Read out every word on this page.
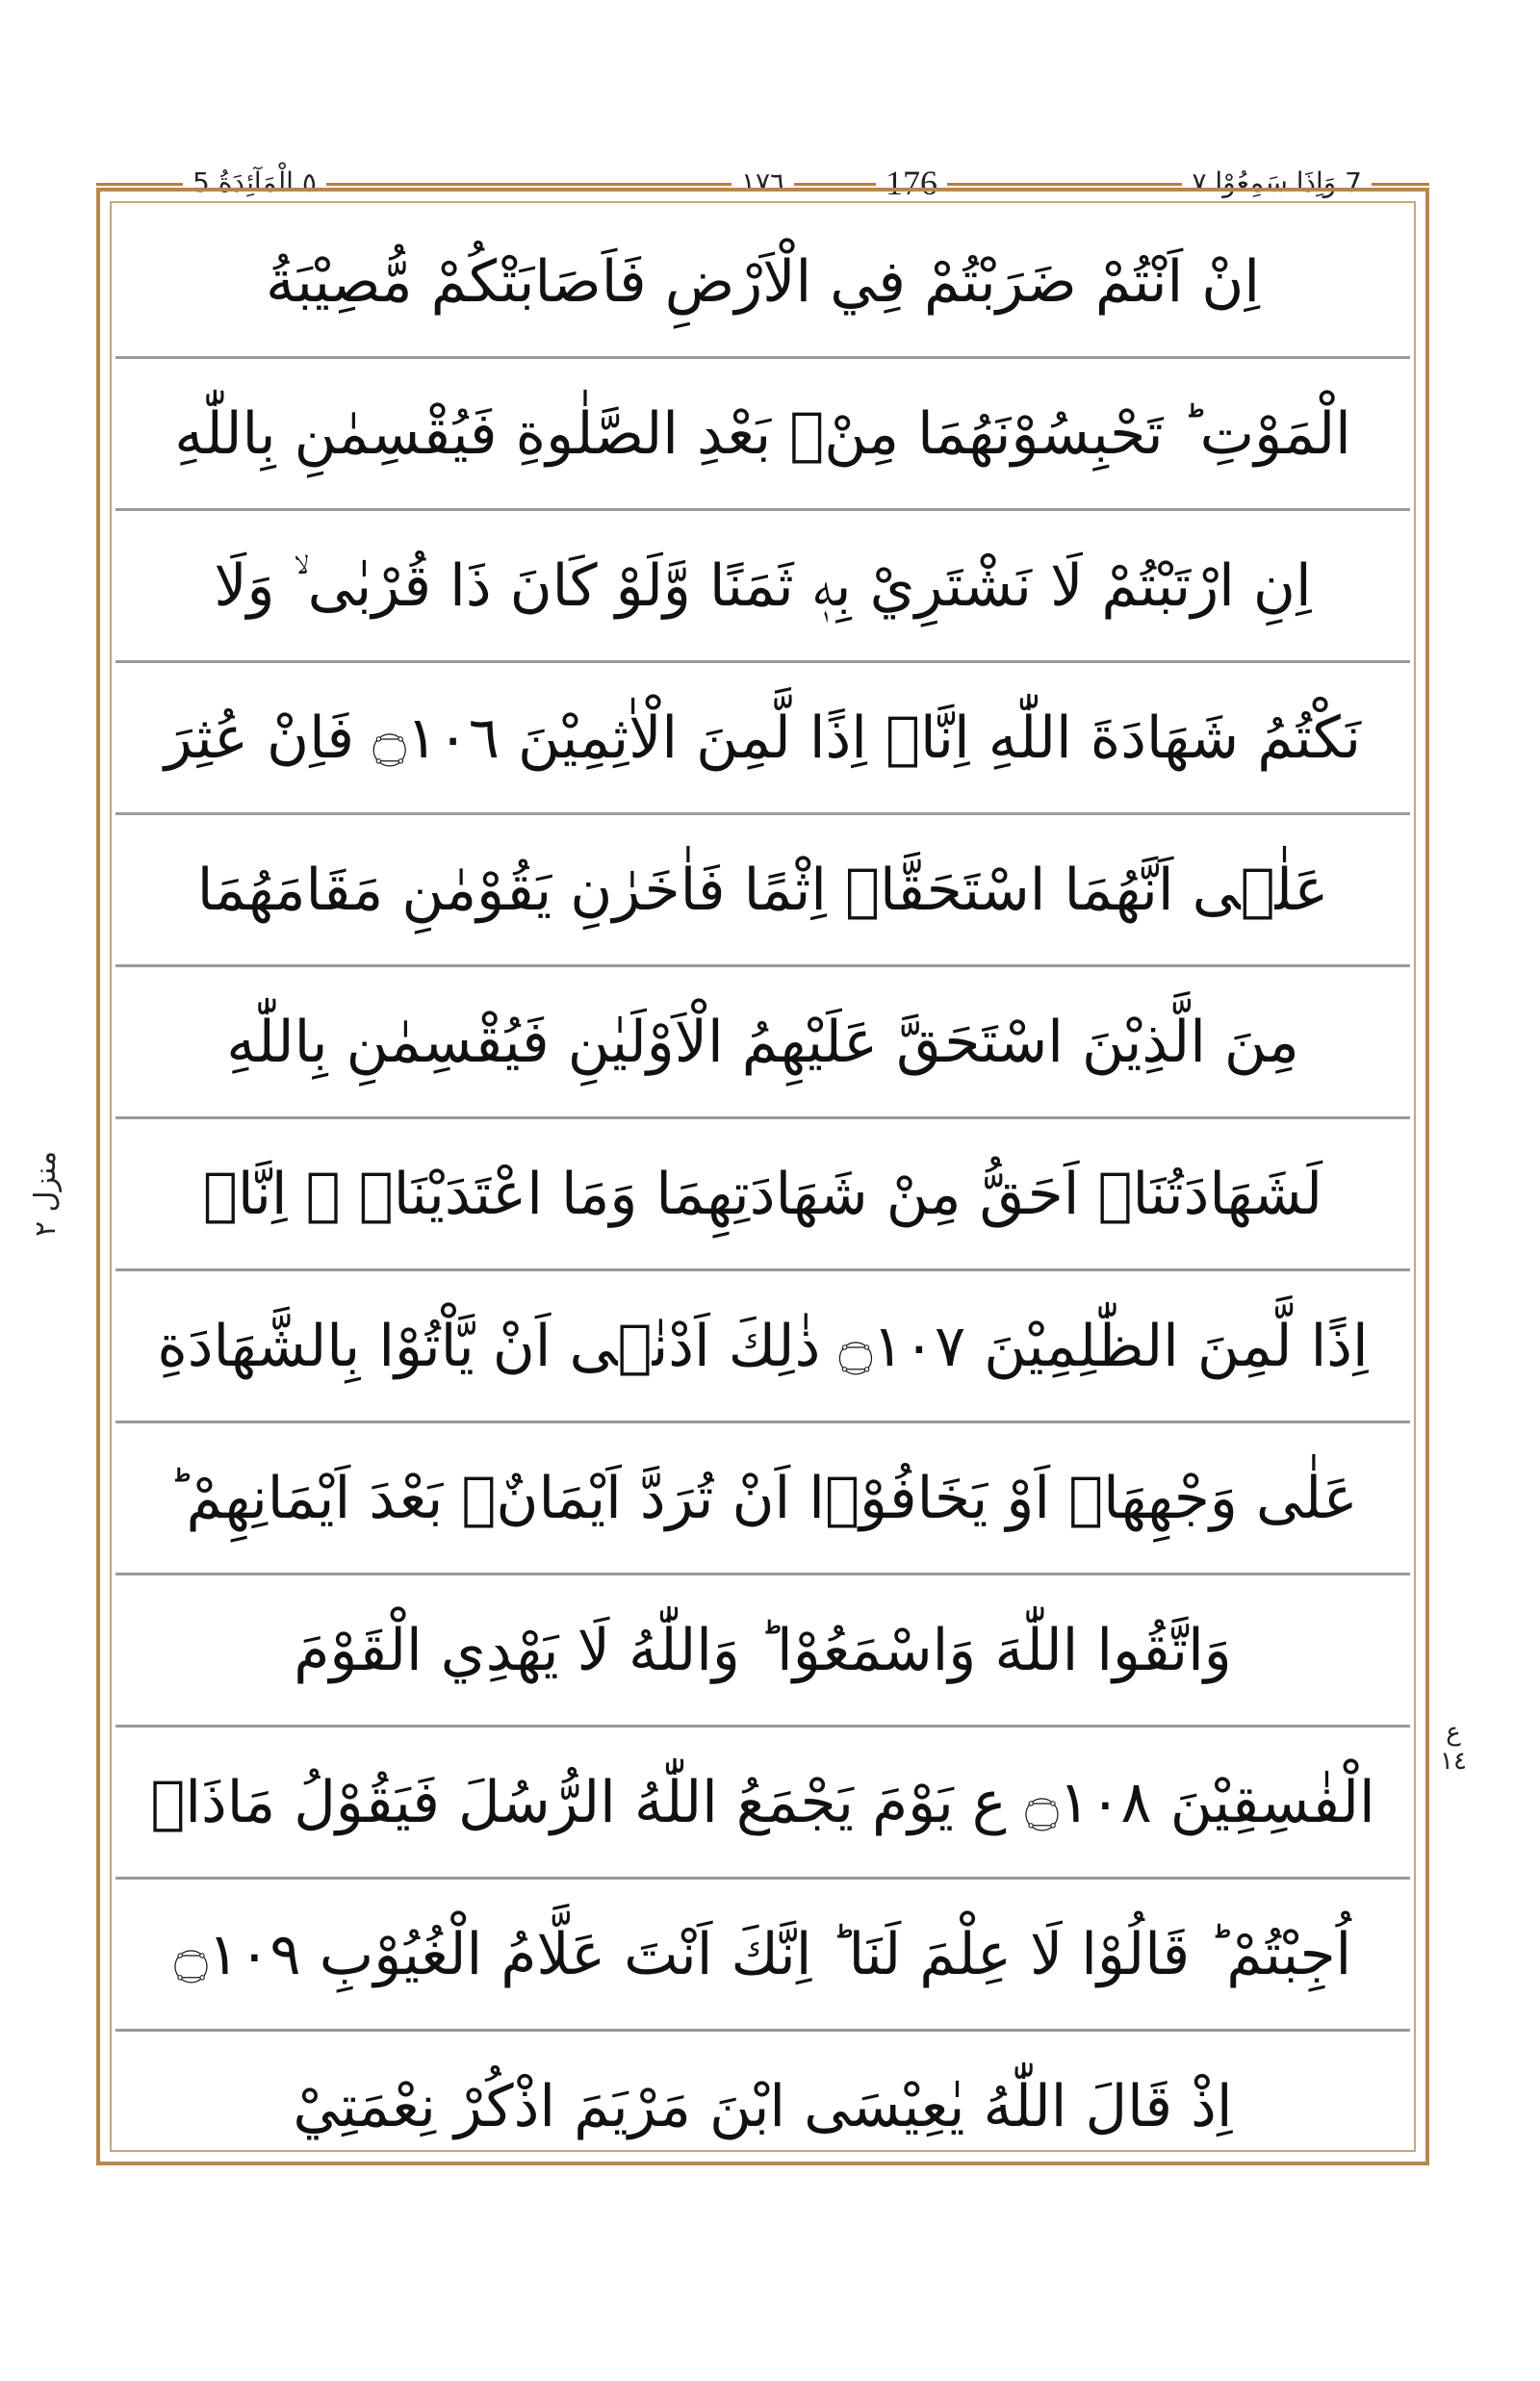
٥ الْمَآئِدَةُ 5	١٧٦	176	7 وَاِذَا سَمِعُوْا ٧
اِنْ اَنْتُمْ ضَرَبْتُمْ فِي الْاَرْضِ فَاَصَابَتْكُمْ مُّصِيْبَةُ
الْمَوْتِ ؕ تَحْبِسُوْنَهُمَا مِنْۢ بَعْدِ الصَّلٰوةِ فَيُقْسِمٰنِ بِاللّٰهِ
اِنِ ارْتَبْتُمْ لَا نَشْتَرِيْ بِهٖ ثَمَنًا وَّلَوْ كَانَ ذَا قُرْبٰى ۙ وَلَا
نَكْتُمُ شَهَادَةَ اللّٰهِ اِنَّاۤ اِذًا لَّمِنَ الْاٰثِمِيْنَ ۝١٠٦ فَاِنْ عُثِرَ
عَلٰۤى اَنَّهُمَا اسْتَحَقَّاۤ اِثْمًا فَاٰخَرٰنِ يَقُوْمٰنِ مَقَامَهُمَا
مِنَ الَّذِيْنَ اسْتَحَقَّ عَلَيْهِمُ الْاَوْلَيٰنِ فَيُقْسِمٰنِ بِاللّٰهِ
لَشَهَادَتُنَاۤ اَحَقُّ مِنْ شَهَادَتِهِمَا وَمَا اعْتَدَيْنَاۤ ۖ اِنَّاۤ
اِذًا لَّمِنَ الظّٰلِمِيْنَ ۝١٠٧ ذٰلِكَ اَدْنٰۤى اَنْ يَّاْتُوْا بِالشَّهَادَةِ
عَلٰى وَجْهِهَاۤ اَوْ يَخَافُوْۤا اَنْ تُرَدَّ اَيْمَانٌۢ بَعْدَ اَيْمَانِهِمْ ؕ
وَاتَّقُوا اللّٰهَ وَاسْمَعُوْا ؕ وَاللّٰهُ لَا يَهْدِي الْقَوْمَ
الْفٰسِقِيْنَ ۝١٠٨ ع يَوْمَ يَجْمَعُ اللّٰهُ الرُّسُلَ فَيَقُوْلُ مَاذَاۤ
اُجِبْتُمْ ؕ قَالُوْا لَا عِلْمَ لَنَا ؕ اِنَّكَ اَنْتَ عَلَّامُ الْغُيُوْبِ ۝١٠٩
اِذْ قَالَ اللّٰهُ يٰعِيْسَى ابْنَ مَرْيَمَ اذْكُرْ نِعْمَتِيْ
منزل ٢
ع ١٤
